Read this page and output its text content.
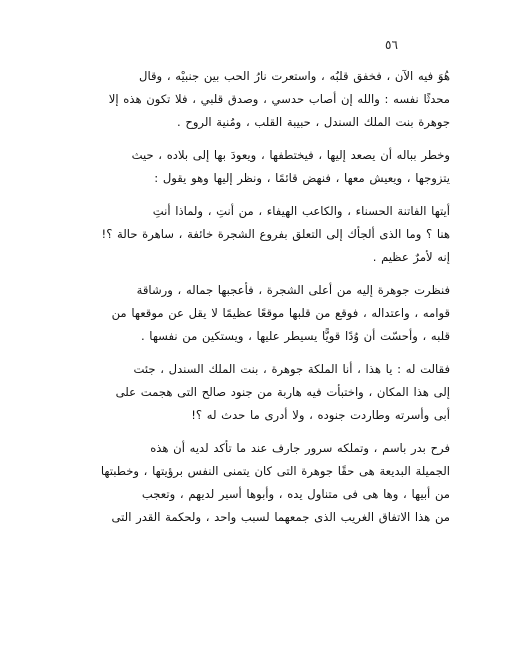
٥٦

هُوَ فيه الآن ، فخفق قلبُه ، واستعرت نارُ الحب بين جنبيْه ، وقال
محدثًا نفسه : والله إن أصاب حدسي ، وصدق قلبي ، فلا تكون هذه إلا
جوهرة بنت الملك السندل ، حبيبة القلب ، ومُنية الروح .

وخطر بباله أن يصعد إليها ، فيختطفها ، ويعودَ بها إلى بلاده ، حيث
يتزوجها ، ويعيش معها ، فنهض قائمًا ، ونظر إليها وهو يقول :

أيتها الفاتنة الحسناء ، والكاعب الهيفاء ، من أنتِ ، ولماذا أنتِ
هنا ؟ وما الذى ألجأك إلى التعلق بفروع الشجرة خائفة ، ساهرة حالة ؟!
إنه لأمرٌ عظيم .

فنظرت جوهرة إليه من أعلى الشجرة ، فأعجبها جماله ، ورشاقة
قوامه ، واعتداله ، فوقع من قلبها موقعًا عظيمًا لا يقل عن موقعها من
قلبه ، وأحسّت أن وُدًا قويًّا يسيطر عليها ، ويستكين من نفسها .

فقالت له : يا هذا ، أنا الملكة جوهرة ، بنت الملك السندل ، جئت
إلى هذا المكان ، واختبأت فيه هاربة من جنود صالح التى هجمت على
أبى وأسرته وطاردت جنوده ، ولا أدرى ما حدث له ؟!

فرح بدر باسم ، وتملكه سرور جارف عند ما تأكد لديه أن هذه
الجميلة البديعة هى حقًا جوهرة التى كان يتمنى النفس برؤيتها ، وخطبتها
من أبيها ، وها هى فى متناول يده ، وأبوها أسير لديهم ، وتعجب
من هذا الاتفاق الغريب الذى جمعهما لسبب واحد ، ولحكمة القدر التى
